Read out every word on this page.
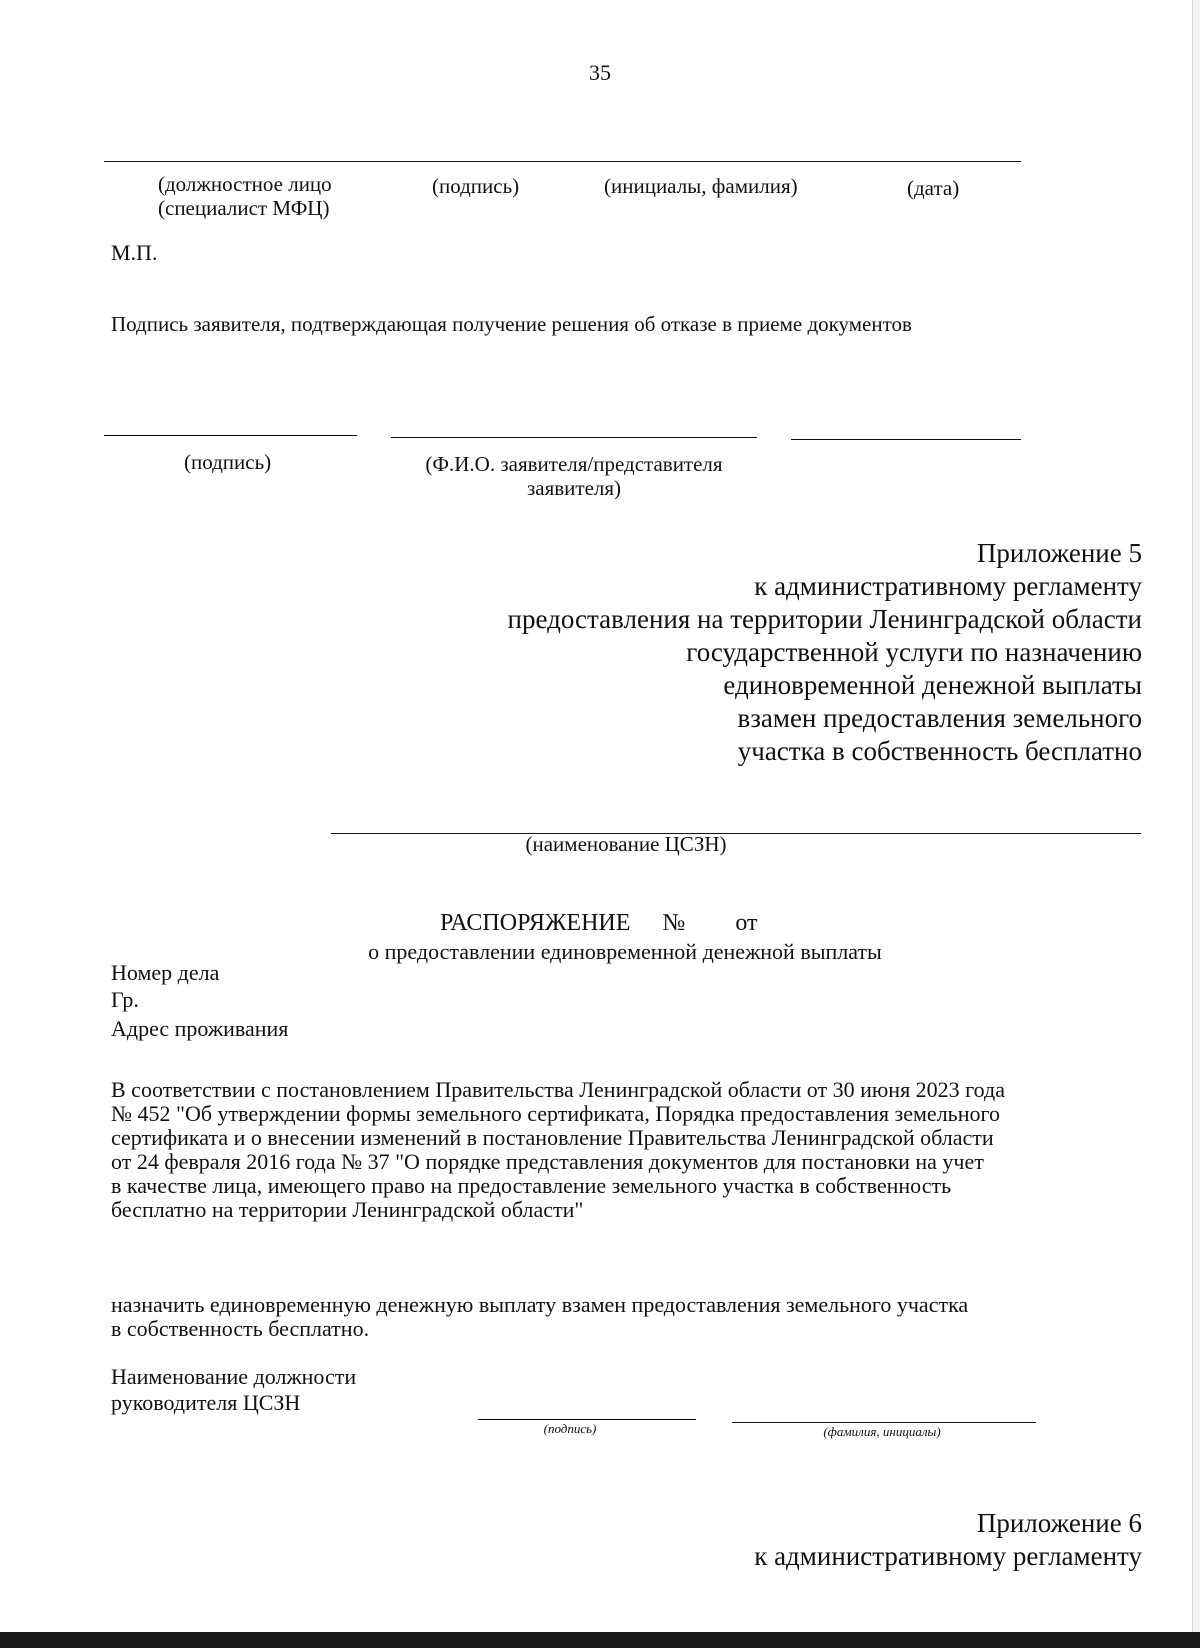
35
(должностное лицо
(специалист МФЦ)
(подпись)	(инициалы, фамилия)	(дата)
М.П.
Подпись заявителя, подтверждающая получение решения об отказе в приеме документов
(подпись)	(Ф.И.О. заявителя/представителя
заявителя)
Приложение 5
к административному регламенту
предоставления на территории Ленинградской области
государственной услуги по назначению
единовременной денежной выплаты
взамен предоставления земельного
участка в собственность бесплатно
(наименование ЦСЗН)
РАСПОРЯЖЕНИЕ № от
о предоставлении единовременной денежной выплаты
Номер дела
Гр.
Адрес проживания
В соответствии с постановлением Правительства Ленинградской области от 30 июня 2023 года
№ 452 "Об утверждении формы земельного сертификата, Порядка предоставления земельного
сертификата и о внесении изменений в постановление Правительства Ленинградской области
от 24 февраля 2016 года № 37 "О порядке представления документов для постановки на учет
в качестве лица, имеющего право на предоставление земельного участка в собственность
бесплатно на территории Ленинградской области"
назначить единовременную денежную выплату взамен предоставления земельного участка
в собственность бесплатно.
Наименование должности
руководителя ЦСЗН
(подпись)	(фамилия, инициалы)
Приложение 6
к административному регламенту
